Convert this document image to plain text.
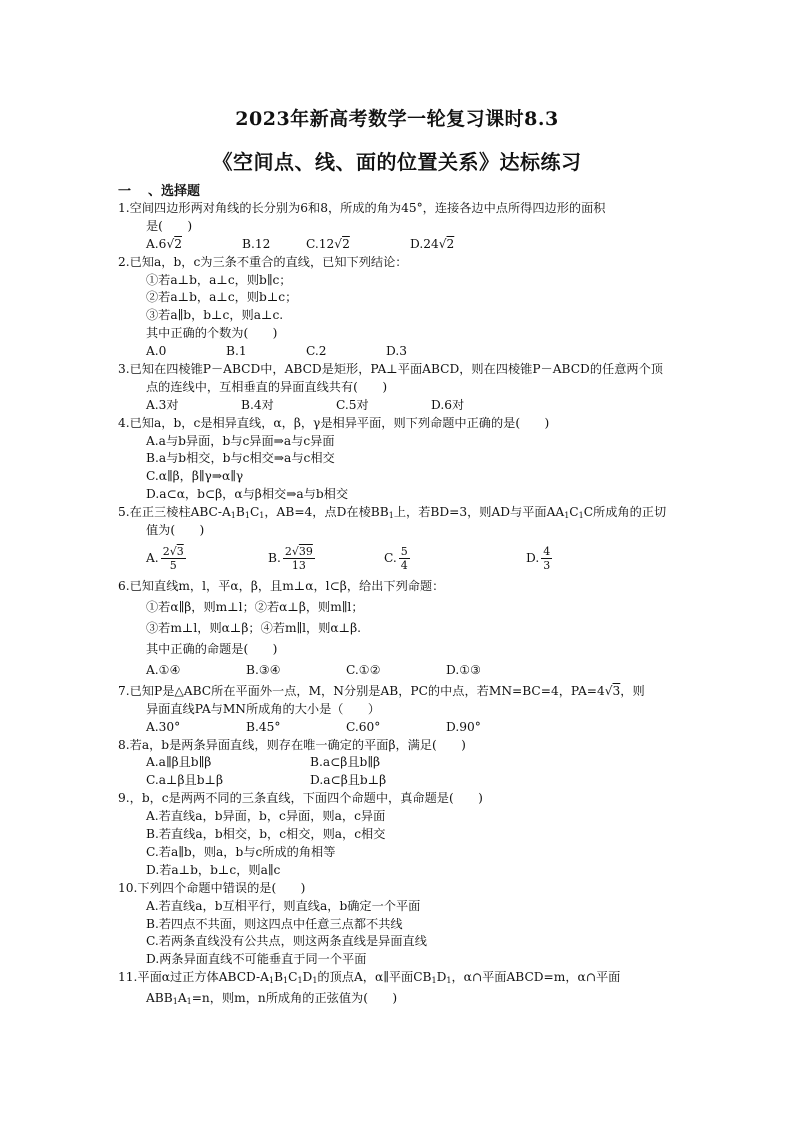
2023年新高考数学一轮复习课时8.3
《空间点、线、面的位置关系》达标练习
一 、选择题
1.空间四边形两对角线的长分别为6和8，所成的角为45°，连接各边中点所得四边形的面积
是(　　)
A.6√2	B.12	C.12√2	D.24√2
2.已知a，b，c为三条不重合的直线，已知下列结论：
①若a⊥b，a⊥c，则b∥c；
②若a⊥b，a⊥c，则b⊥c；
③若a∥b，b⊥c，则a⊥c.
其中正确的个数为(　　)
A.0	B.1	C.2	D.3
3.已知在四棱锥P－ABCD中，ABCD是矩形，PA⊥平面ABCD，则在四棱锥P－ABCD的任意两个顶
点的连线中，互相垂直的异面直线共有(　　)
A.3对	B.4对	C.5对	D.6对
4.已知a，b，c是相异直线，α，β，γ是相异平面，则下列命题中正确的是(　　)
A.a与b异面，b与c异面⇒a与c异面
B.a与b相交，b与c相交⇒a与c相交
C.α∥β，β∥γ⇒α∥γ
D.a⊂α，b⊂β，α与β相交⇒a与b相交
5.在正三棱柱ABC-$A_1B_1C_1$，AB=4，点D在棱$BB_1$上，若BD=3，则AD与平面$AA_1C_1C$所成角的正切
值为(　　)
A. $\frac{2√3}{5}$	B. $\frac{2√39}{13}$	C. $\frac{5}{4}$	D. $\frac{4}{3}$
6.已知直线m，l，平α，β，且m⊥α，l⊂β，给出下列命题：
①若α∥β，则m⊥l；②若α⊥β，则m∥l；
③若m⊥l，则α⊥β；④若m∥l，则α⊥β.
其中正确的命题是(　　)
A.①④	B.③④	C.①②	D.①③
7.已知P是△ABC所在平面外一点，M，N分别是AB，PC的中点，若MN=BC=4，PA=4√3，则
异面直线PA与MN所成角的大小是（　　）
A.30°	B.45°	C.60°	D.90°
8.若a，b是两条异面直线，则存在唯一确定的平面β，满足(　　)
A.a∥β且b∥β	B.a⊂β且b∥β
C.a⊥β且b⊥β	D.a⊂β且b⊥β
9.，b，c是两两不同的三条直线，下面四个命题中，真命题是(　　)
A.若直线a，b异面，b，c异面，则a，c异面
B.若直线a，b相交，b，c相交，则a，c相交
C.若a∥b，则a，b与c所成的角相等
D.若a⊥b，b⊥c，则a∥c
10.下列四个命题中错误的是(　　)
A.若直线a，b互相平行，则直线a，b确定一个平面
B.若四点不共面，则这四点中任意三点都不共线
C.若两条直线没有公共点，则这两条直线是异面直线
D.两条异面直线不可能垂直于同一个平面
11.平面α过正方体ABCD-$A_1B_1C_1D_1$的顶点A，α∥平面$CB_1D_1$，α∩平面ABCD=m，α∩平面
$ABB_1A_1=n$，则m，n所成角的正弦值为(　　)
